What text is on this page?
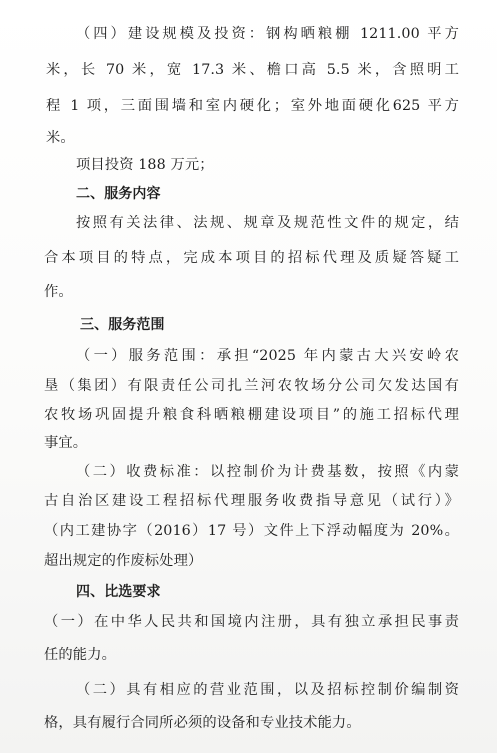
（四）建设规模及投资：钢构晒粮棚 1211.00 平方
米，长 70 米，宽 17.3 米、檐口高 5.5 米，含照明工
程 1 项，三面围墙和室内硬化；室外地面硬化625 平方
米。
项目投资 188 万元；
二、服务内容
按照有关法律、法规、规章及规范性文件的规定，结
合本项目的特点，完成本项目的招标代理及质疑答疑工
作。
三、服务范围
（一）服务范围：承担“2025 年内蒙古大兴安岭农
垦（集团）有限责任公司扎兰河农牧场分公司欠发达国有
农牧场巩固提升粮食科晒粮棚建设项目”的施工招标代理
事宜。
（二）收费标准：以控制价为计费基数，按照《内蒙
古自治区建设工程招标代理服务收费指导意见（试行）》
（内工建协字（2016）17 号）文件上下浮动幅度为 20%。
超出规定的作废标处理）
四、比选要求
（一）在中华人民共和国境内注册，具有独立承担民事责
任的能力。
（二）具有相应的营业范围，以及招标控制价编制资
格，具有履行合同所必须的设备和专业技术能力。
